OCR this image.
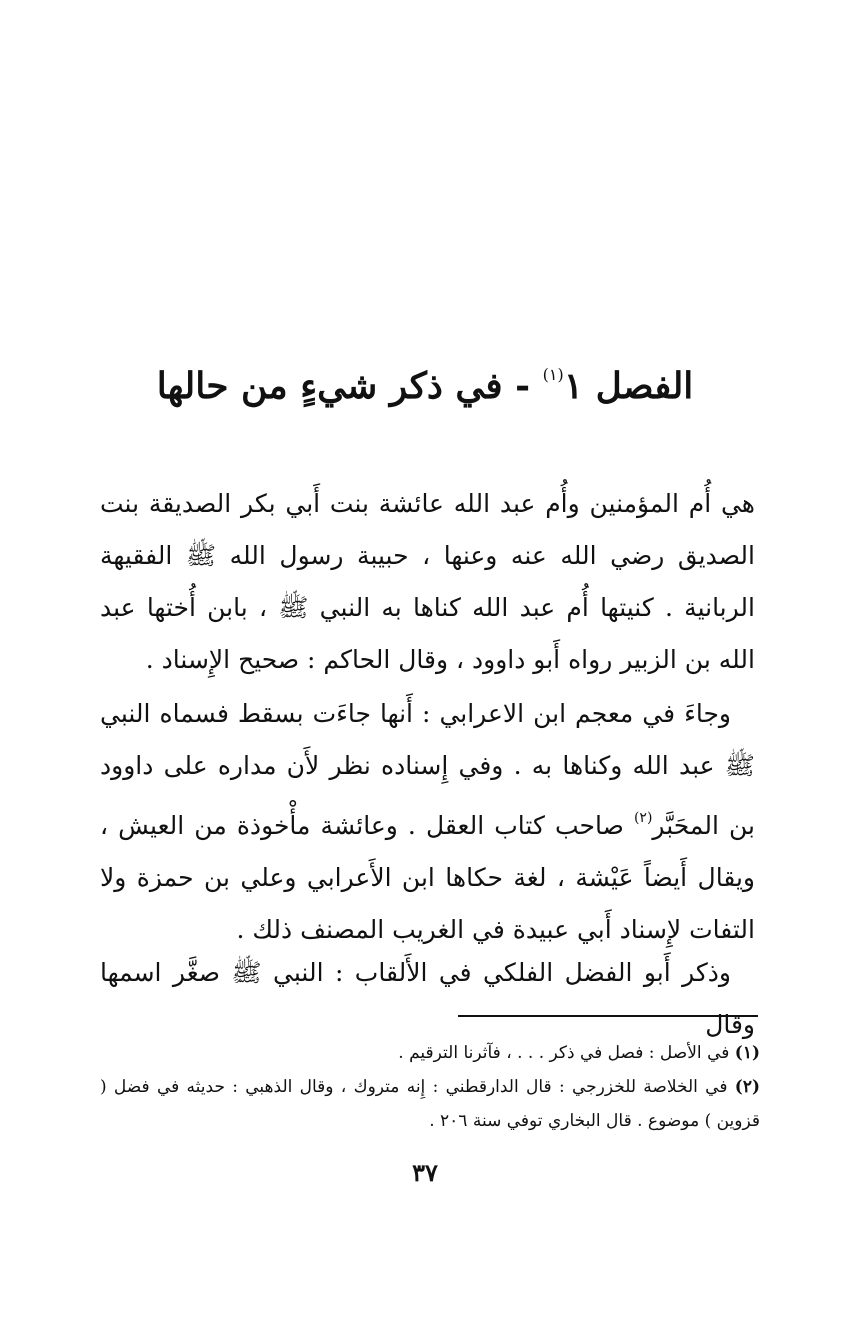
الفصل ١$^{(١)}$ - في ذكر شيءٍ من حالها
هي أُم المؤمنين وأُم عبد الله عائشة بنت أَبي بكر الصديقة بنت الصديق رضي الله عنه وعنها ، حبيبة رسول الله ﷺ الفقيهة الربانية . كنيتها أُم عبد الله كناها به النبي ﷺ ، بابن أُختها عبد الله بن الزبير رواه أَبو داوود ، وقال الحاكم : صحيح الإِسناد .
وجاءَ في معجم ابن الاعرابي : أَنها جاءَت بسقط فسماه النبي ﷺ عبد الله وكناها به . وفي إِسناده نظر لأَن مداره على داوود بن المحَبَّر$^{(٢)}$ صاحب كتاب العقل . وعائشة مأْخوذة من العيش ، ويقال أَيضاً عَيْشة ، لغة حكاها ابن الأَعرابي وعلي بن حمزة ولا التفات لإِسناد أَبي عبيدة في الغريب المصنف ذلك .
وذكر أَبو الفضل الفلكي في الأَلقاب : النبي ﷺ صغَّر اسمها وقال
(١) في الأصل : فصل في ذكر . . . ، فآثرنا الترقيم .
(٢) في الخلاصة للخزرجي : قال الدارقطني : إِنه متروك ، وقال الذهبي : حديثه في فضل ( قزوين ) موضوع . قال البخاري توفي سنة ٢٠٦ .
٣٧
